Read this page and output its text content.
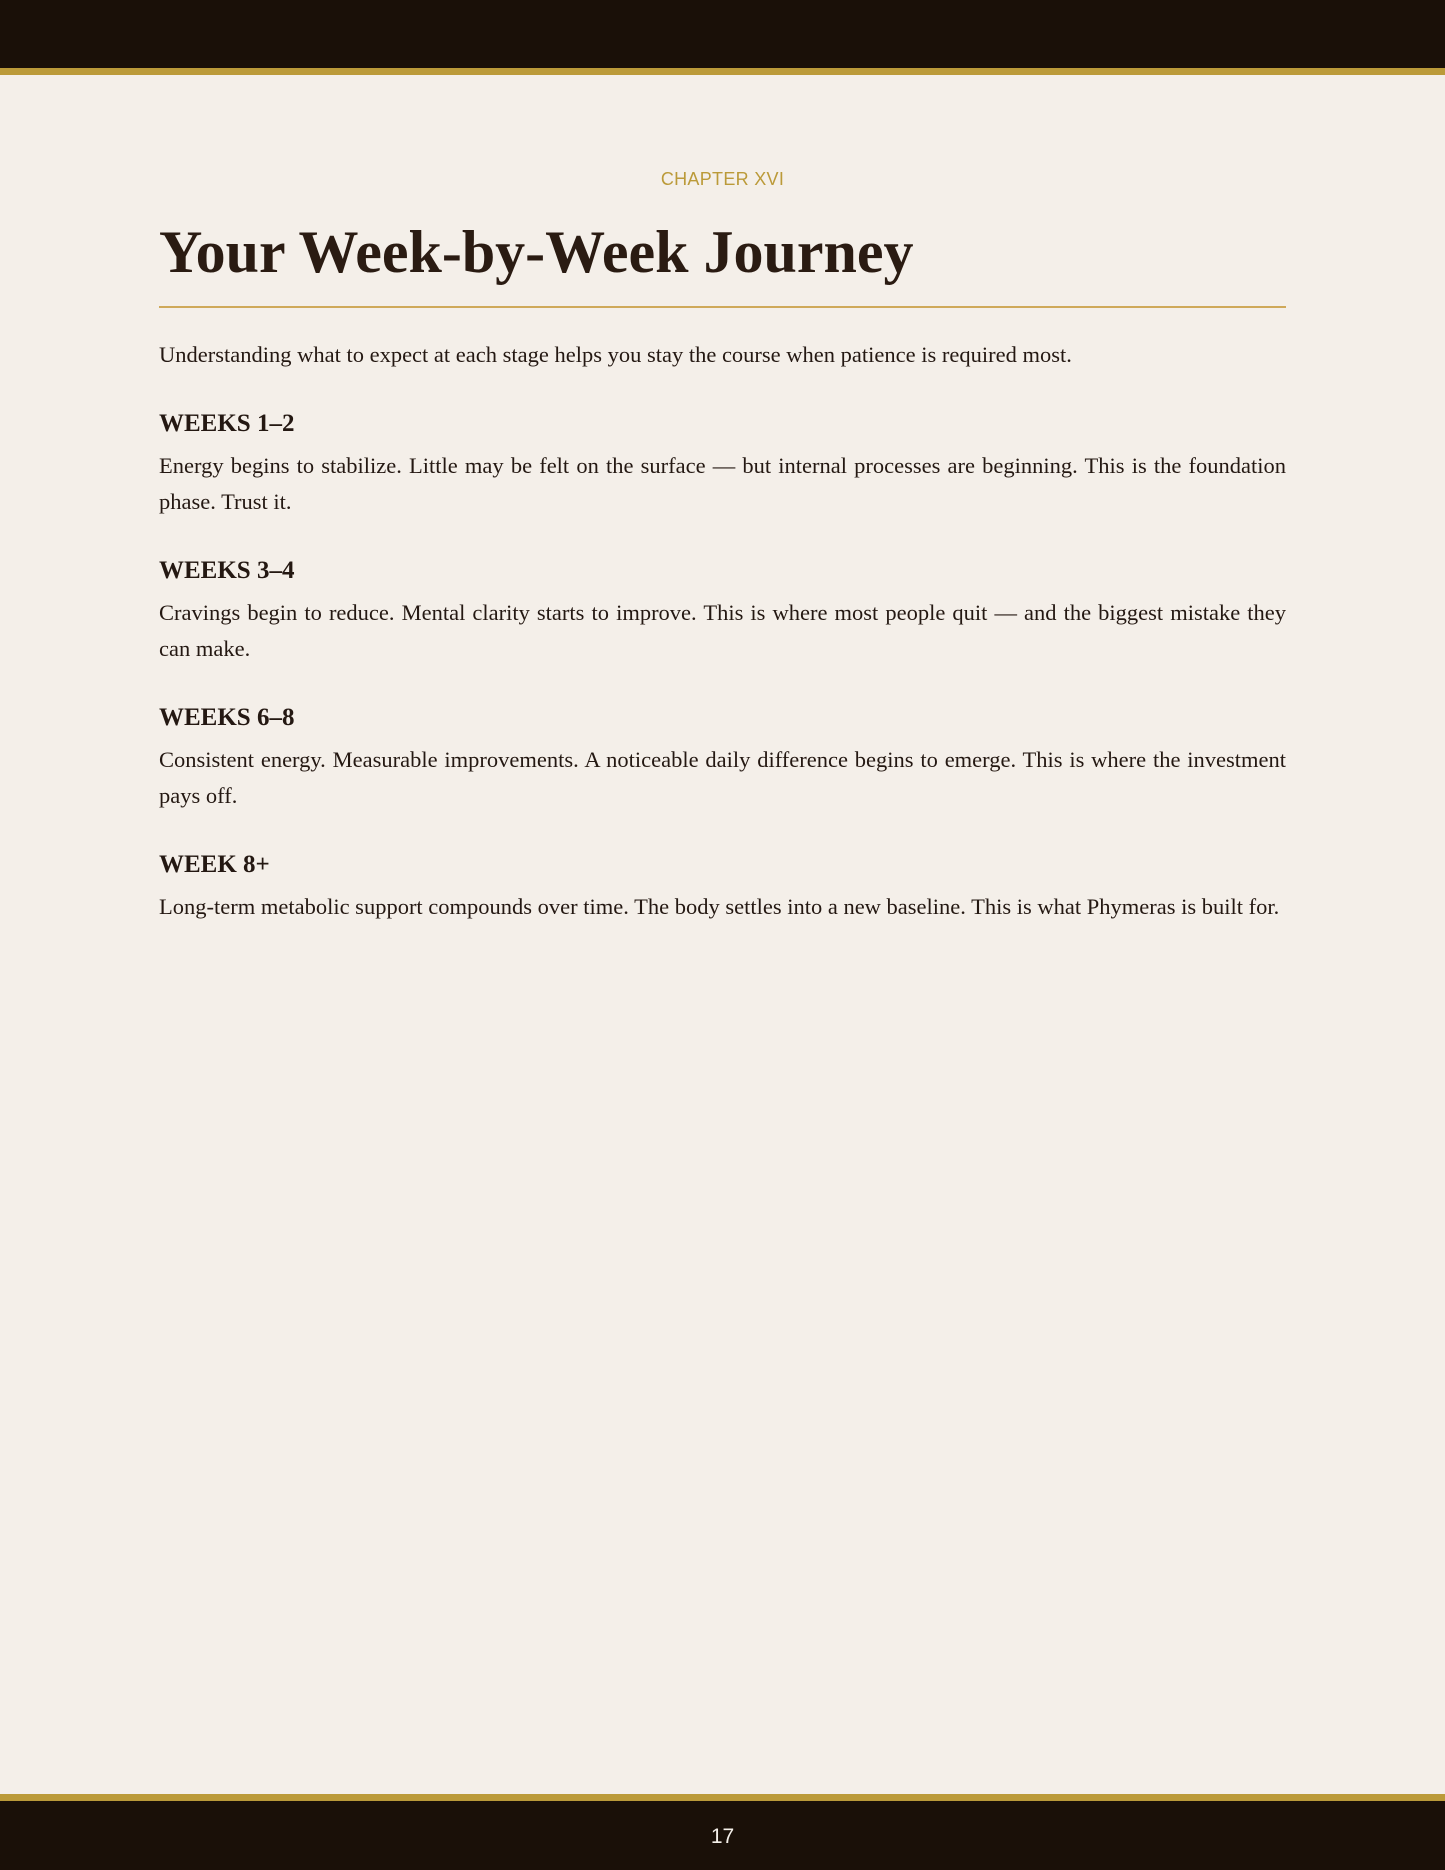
CHAPTER XVI

Your Week-by-Week Journey

Understanding what to expect at each stage helps you stay the course when patience is required most.

WEEKS 1–2

Energy begins to stabilize. Little may be felt on the surface — but internal processes are beginning. This is the foundation phase. Trust it.

WEEKS 3–4

Cravings begin to reduce. Mental clarity starts to improve. This is where most people quit — and the biggest mistake they can make.

WEEKS 6–8

Consistent energy. Measurable improvements. A noticeable daily difference begins to emerge. This is where the investment pays off.

WEEK 8+

Long-term metabolic support compounds over time. The body settles into a new baseline. This is what Phymeras is built for.

17
